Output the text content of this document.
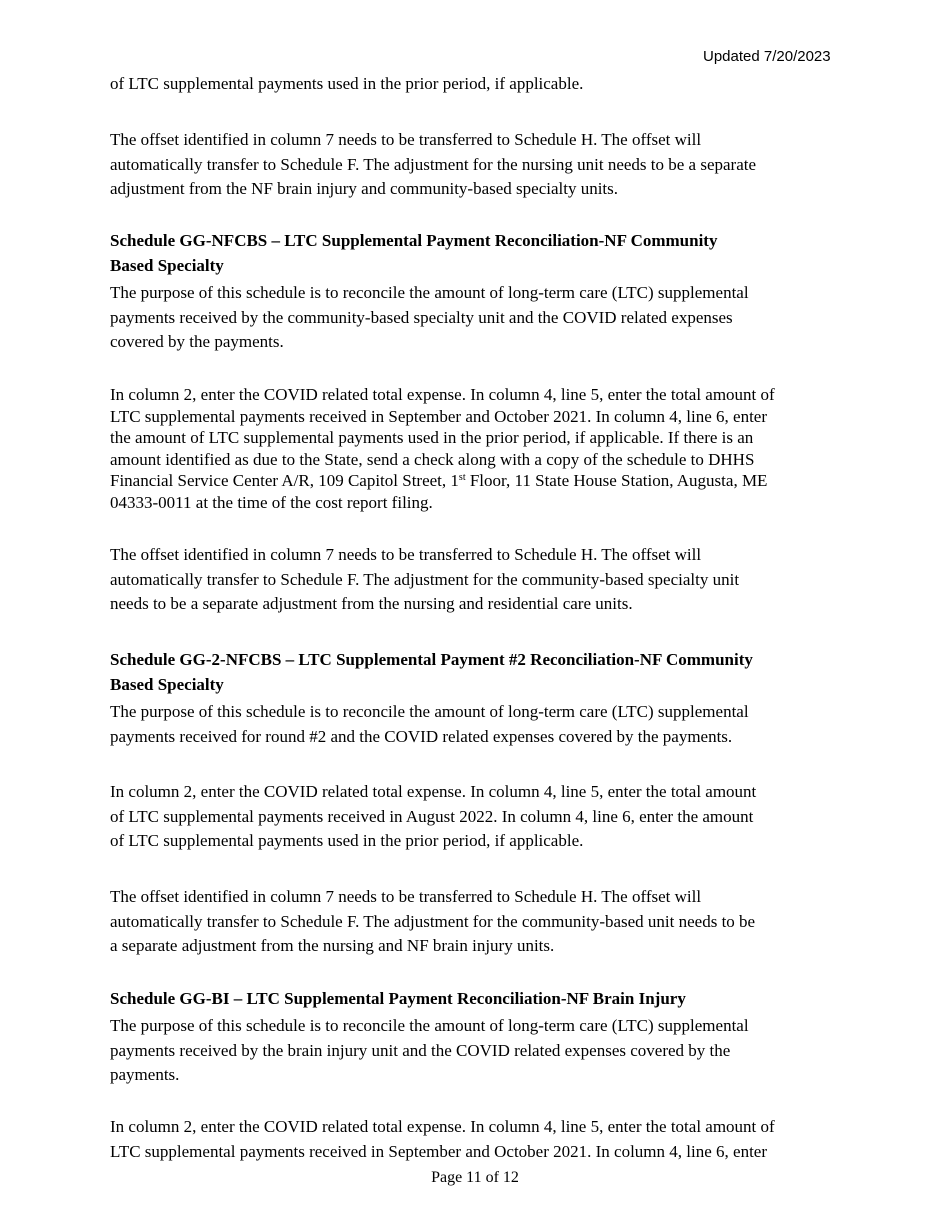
Updated 7/20/2023
of LTC supplemental payments used in the prior period, if applicable.
The offset identified in column 7 needs to be transferred to Schedule H. The offset will
automatically transfer to Schedule F. The adjustment for the nursing unit needs to be a separate
adjustment from the NF brain injury and community-based specialty units.
Schedule GG-NFCBS – LTC Supplemental Payment Reconciliation-NF Community
Based Specialty
The purpose of this schedule is to reconcile the amount of long-term care (LTC) supplemental
payments received by the community-based specialty unit and the COVID related expenses
covered by the payments.
In column 2, enter the COVID related total expense. In column 4, line 5, enter the total amount of
LTC supplemental payments received in September and October 2021. In column 4, line 6, enter
the amount of LTC supplemental payments used in the prior period, if applicable. If there is an
amount identified as due to the State, send a check along with a copy of the schedule to DHHS
Financial Service Center A/R, 109 Capitol Street, 1st Floor, 11 State House Station, Augusta, ME
04333-0011 at the time of the cost report filing.
The offset identified in column 7 needs to be transferred to Schedule H. The offset will
automatically transfer to Schedule F. The adjustment for the community-based specialty unit
needs to be a separate adjustment from the nursing and residential care units.
Schedule GG-2-NFCBS – LTC Supplemental Payment #2 Reconciliation-NF Community
Based Specialty
The purpose of this schedule is to reconcile the amount of long-term care (LTC) supplemental
payments received for round #2 and the COVID related expenses covered by the payments.
In column 2, enter the COVID related total expense. In column 4, line 5, enter the total amount
of LTC supplemental payments received in August 2022. In column 4, line 6, enter the amount
of LTC supplemental payments used in the prior period, if applicable.
The offset identified in column 7 needs to be transferred to Schedule H. The offset will
automatically transfer to Schedule F. The adjustment for the community-based unit needs to be
a separate adjustment from the nursing and NF brain injury units.
Schedule GG-BI – LTC Supplemental Payment Reconciliation-NF Brain Injury
The purpose of this schedule is to reconcile the amount of long-term care (LTC) supplemental
payments received by the brain injury unit and the COVID related expenses covered by the
payments.
In column 2, enter the COVID related total expense. In column 4, line 5, enter the total amount of
LTC supplemental payments received in September and October 2021. In column 4, line 6, enter
Page 11 of 12
